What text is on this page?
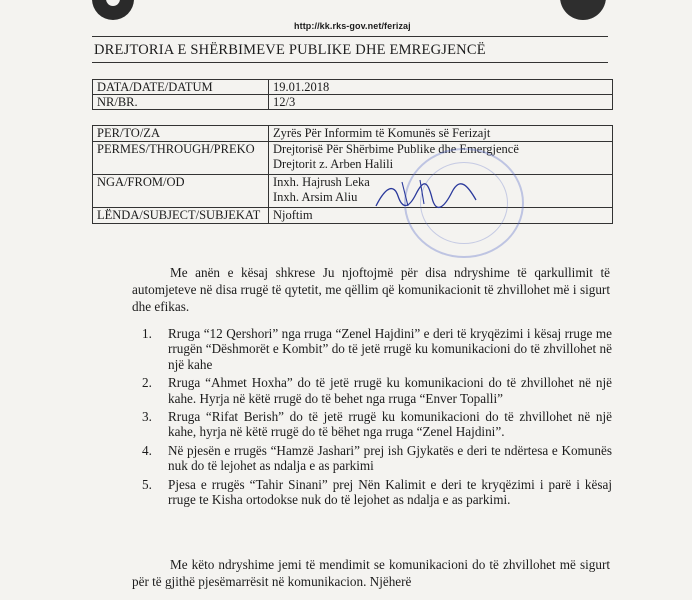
http://kk.rks-gov.net/ferizaj
DREJTORIA E SHËRBIMEVE PUBLIKE DHE EMREGJENCË
DATA/DATE/DATUM	19.01.2018
NR/BR.	12/3
PER/TO/ZA	Zyrës Për Informim të Komunës së Ferizajt

PERMES/THROUGH/PREKO	Drejtorisë Për Shërbime Publike dhe Emergjencë
Drejtorit z. Arben Halili

NGA/FROM/OD	Inxh. Hajrush Leka
Inxh. Arsim Aliu

LËNDA/SUBJECT/SUBJEKAT	Njoftim

Me anën e kësaj shkrese Ju njoftojmë për disa ndryshime të qarkullimit të automjeteve në disa rrugë të qytetit, me qëllim që komunikacionit të zhvillohet më i sigurt dhe efikas.

1. Rruga “12 Qershori” nga rruga “Zenel Hajdini” e deri të kryqëzimi i kësaj rruge me rrugën “Dëshmorët e Kombit” do të jetë rrugë ku komunikacioni do të zhvillohet në një kahe
2. Rruga “Ahmet Hoxha” do të jetë rrugë ku komunikacioni do të zhvillohet në një kahe. Hyrja në këtë rrugë do të behet nga rruga “Enver Topalli”
3. Rruga “Rifat Berish” do të jetë rrugë ku komunikacioni do të zhvillohet në një kahe, hyrja në këtë rrugë do të bëhet nga rruga “Zenel Hajdini”.
4. Në pjesën e rrugës “Hamzë Jashari” prej ish Gjykatës e deri te ndërtesa e Komunës nuk do të lejohet as ndalja e as parkimi
5. Pjesa e rrugës “Tahir Sinani” prej Nën Kalimit e deri te kryqëzimi i parë i kësaj rruge te Kisha ortodokse nuk do të lejohet as ndalja e as parkimi.

Me këto ndryshime jemi të mendimit se komunikacioni do të zhvillohet më sigurt për të gjithë pjesëmarrësit në komunikacion. Njëherë
